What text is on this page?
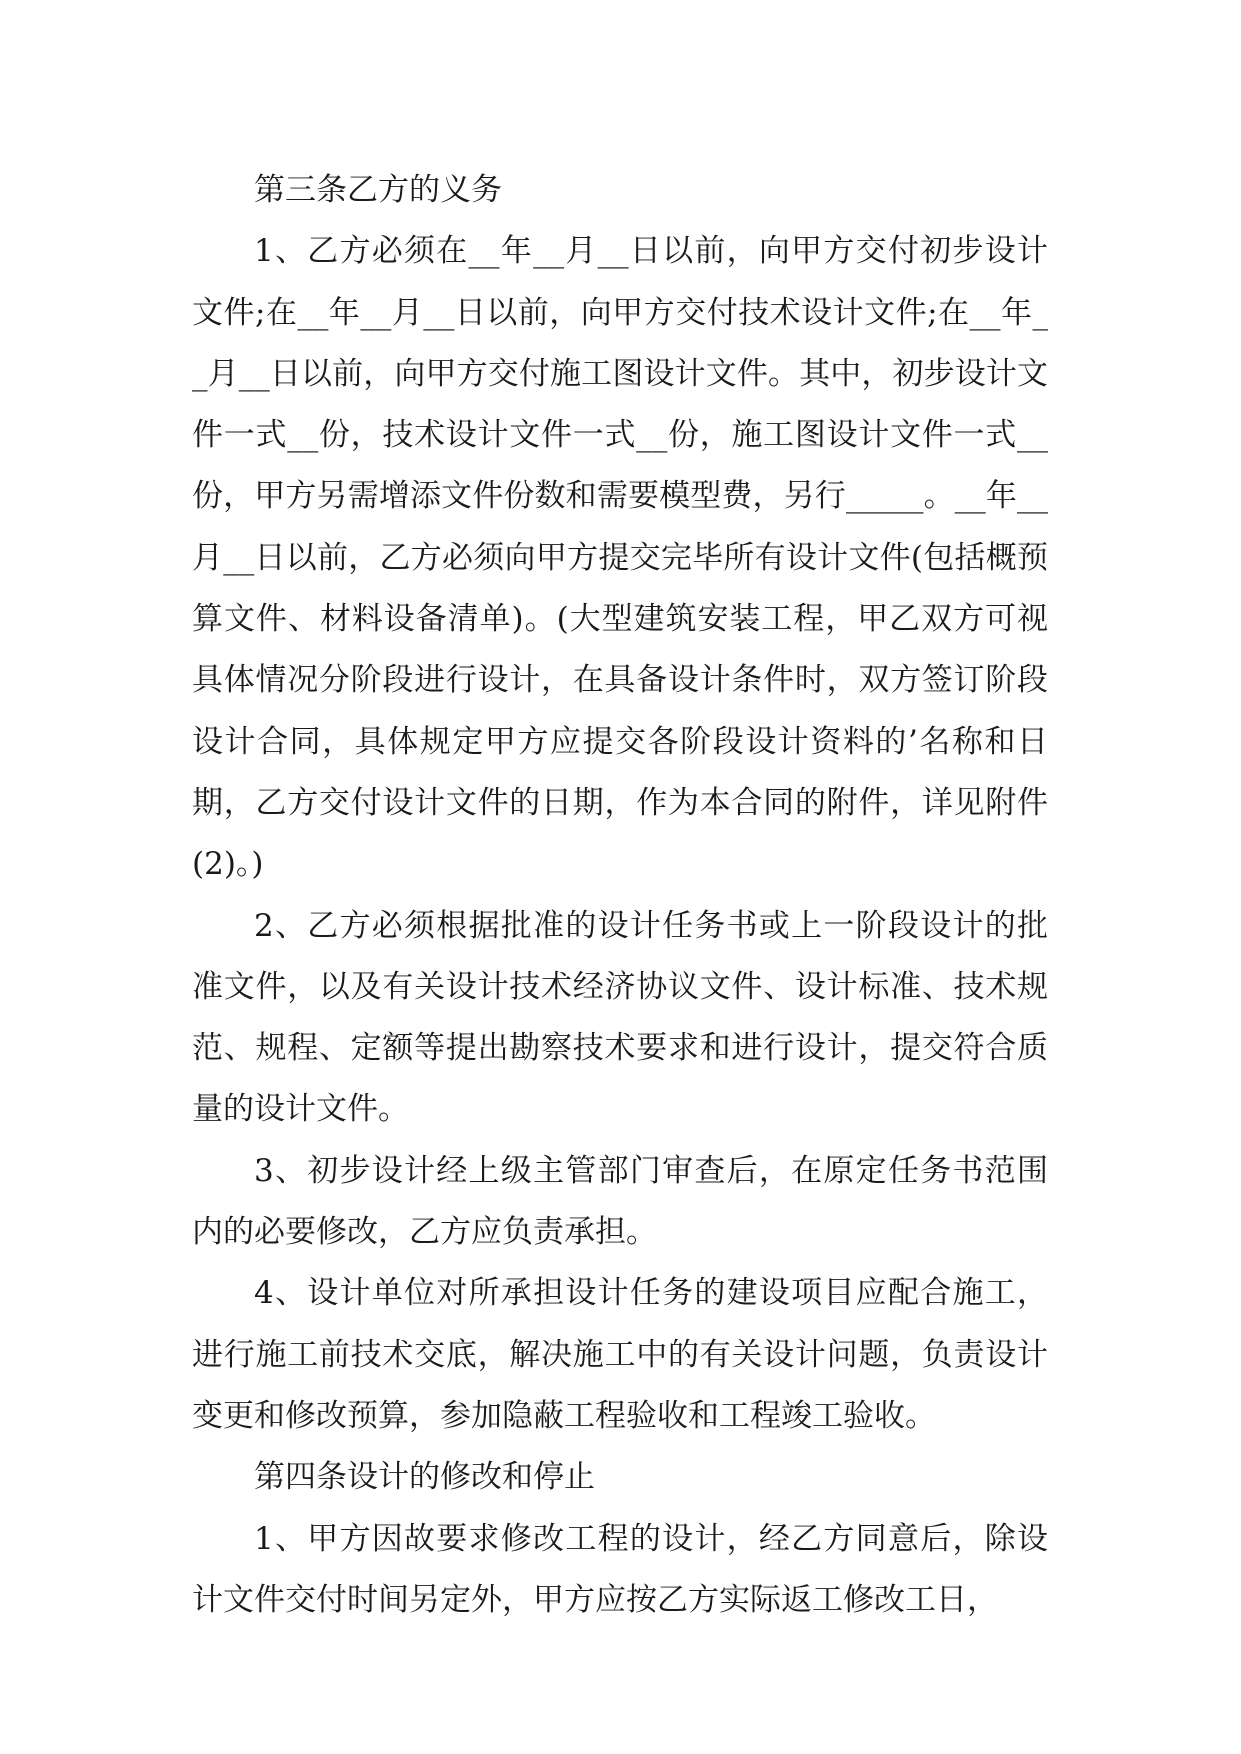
第三条乙方的义务

1、乙方必须在__年__月__日以前，向甲方交付初步设计文件;在__年__月__日以前，向甲方交付技术设计文件;在__年__月__日以前，向甲方交付施工图设计文件。其中，初步设计文件一式__份，技术设计文件一式__份，施工图设计文件一式__份，甲方另需增添文件份数和需要模型费，另行_____。__年__月__日以前，乙方必须向甲方提交完毕所有设计文件(包括概预算文件、材料设备清单)。(大型建筑安装工程，甲乙双方可视具体情况分阶段进行设计，在具备设计条件时，双方签订阶段设计合同，具体规定甲方应提交各阶段设计资料的’名称和日期，乙方交付设计文件的日期，作为本合同的附件，详见附件(2)。)

2、乙方必须根据批准的设计任务书或上一阶段设计的批准文件，以及有关设计技术经济协议文件、设计标准、技术规范、规程、定额等提出勘察技术要求和进行设计，提交符合质量的设计文件。

3、初步设计经上级主管部门审查后，在原定任务书范围内的必要修改，乙方应负责承担。

4、设计单位对所承担设计任务的建设项目应配合施工，进行施工前技术交底，解决施工中的有关设计问题，负责设计变更和修改预算，参加隐蔽工程验收和工程竣工验收。

第四条设计的修改和停止

1、甲方因故要求修改工程的设计，经乙方同意后，除设计文件交付时间另定外，甲方应按乙方实际返工修改工日，
